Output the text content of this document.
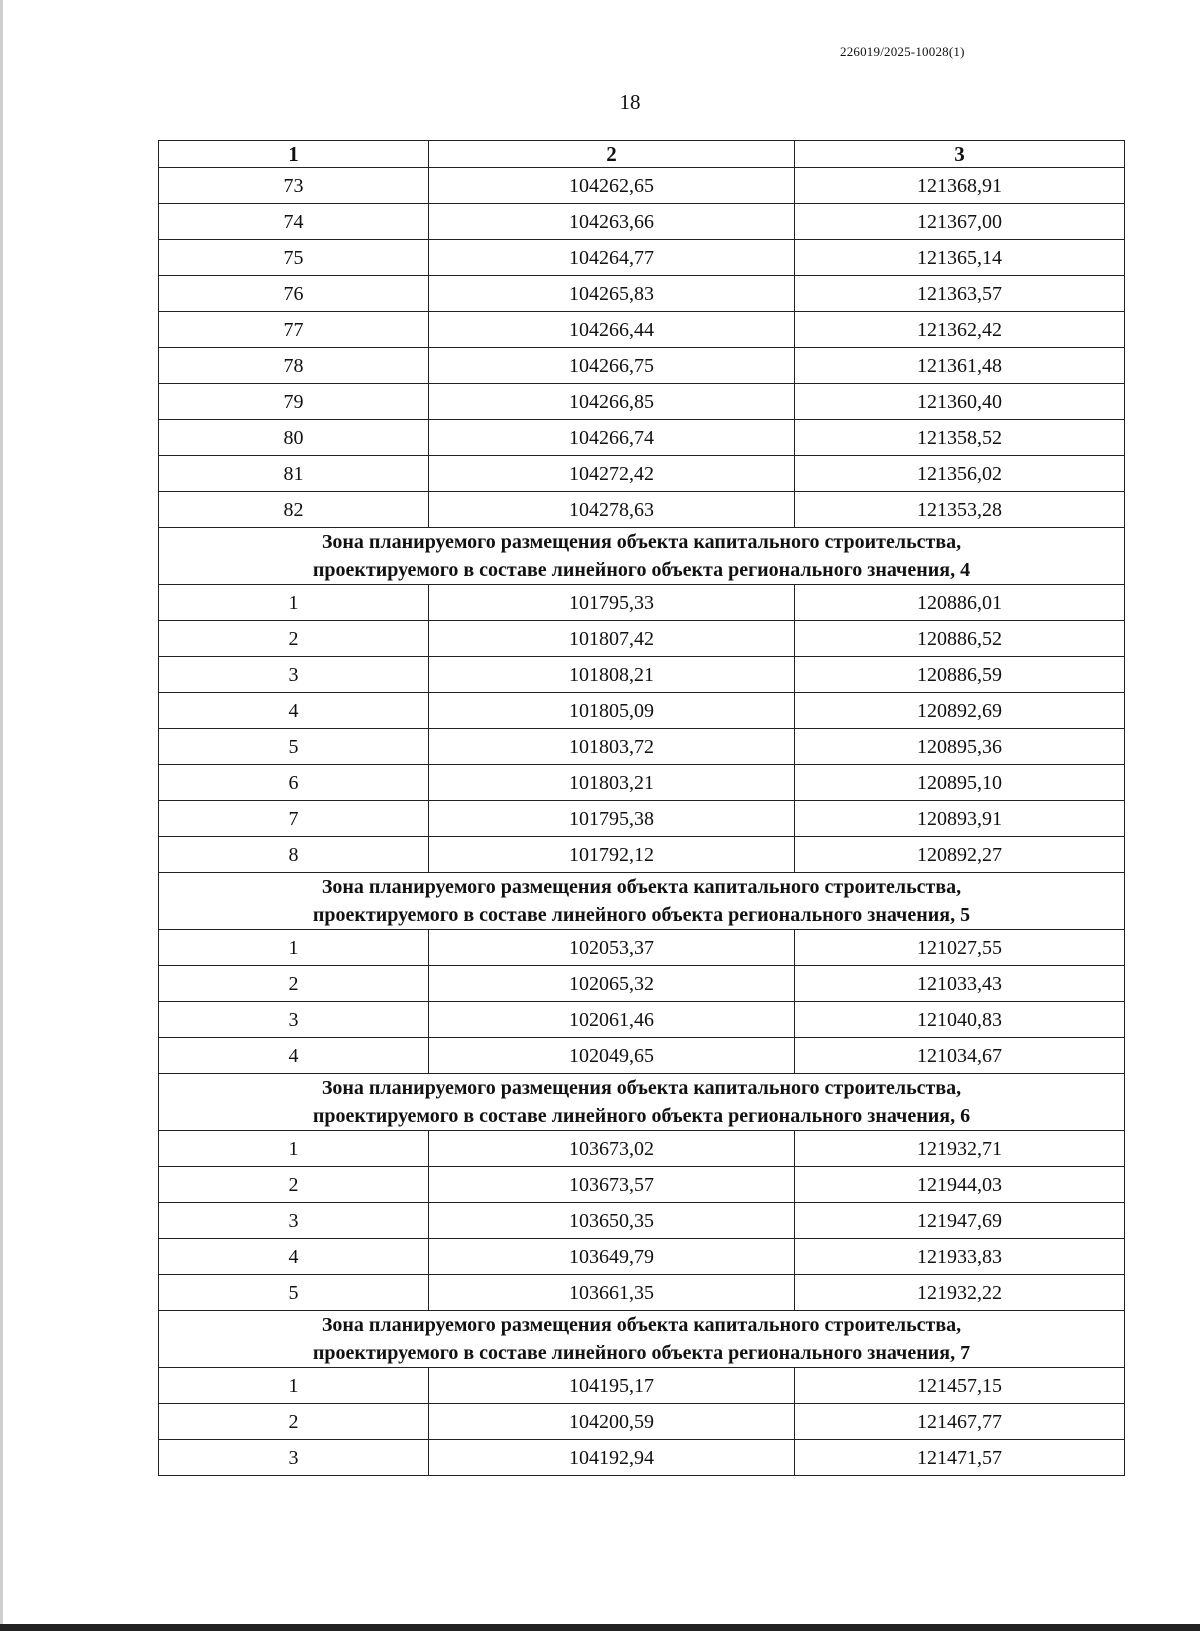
226019/2025-10028(1)
18
1	2	3
73	104262,65	121368,91
74	104263,66	121367,00
75	104264,77	121365,14
76	104265,83	121363,57
77	104266,44	121362,42
78	104266,75	121361,48
79	104266,85	121360,40
80	104266,74	121358,52
81	104272,42	121356,02
82	104278,63	121353,28

Зона планируемого размещения объекта капитального строительства,
проектируемого в составе линейного объекта регионального значения, 4		

1	101795,33	120886,01
2	101807,42	120886,52
3	101808,21	120886,59
4	101805,09	120892,69
5	101803,72	120895,36
6	101803,21	120895,10
7	101795,38	120893,91
8	101792,12	120892,27

Зона планируемого размещения объекта капитального строительства,
проектируемого в составе линейного объекта регионального значения, 5		

1	102053,37	121027,55
2	102065,32	121033,43
3	102061,46	121040,83
4	102049,65	121034,67

Зона планируемого размещения объекта капитального строительства,
проектируемого в составе линейного объекта регионального значения, 6		

1	103673,02	121932,71
2	103673,57	121944,03
3	103650,35	121947,69
4	103649,79	121933,83
5	103661,35	121932,22

Зона планируемого размещения объекта капитального строительства,
проектируемого в составе линейного объекта регионального значения, 7		

1	104195,17	121457,15
2	104200,59	121467,77
3	104192,94	121471,57
